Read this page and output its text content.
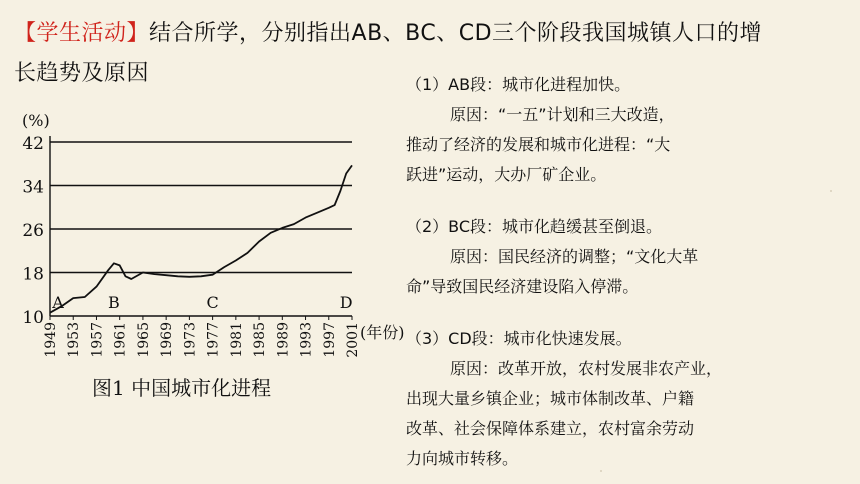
【学生活动】结合所学，分别指出AB、BC、CD三个阶段我国城镇人口的增长趋势及原因
10
18
26
34
42
(%)
1949 1953 1957 1961 1965 1969 1973 1977 1981 1985 1989 1993 1997 2001 (年份)
A	B	C	D
图1 中国城市化进程

（1）AB段：城市化进程加快。

原因：“一五”计划和三大改造，

推动了经济的发展和城市化进程：“大

跃进”运动，大办厂矿企业。

（2）BC段：城市化趋缓甚至倒退。

原因：国民经济的调整；“文化大革

命”导致国民经济建设陷入停滞。

（3）CD段：城市化快速发展。

原因：改革开放，农村发展非农产业，

出现大量乡镇企业；城市体制改革、户籍

改革、社会保障体系建立，农村富余劳动

力向城市转移。
